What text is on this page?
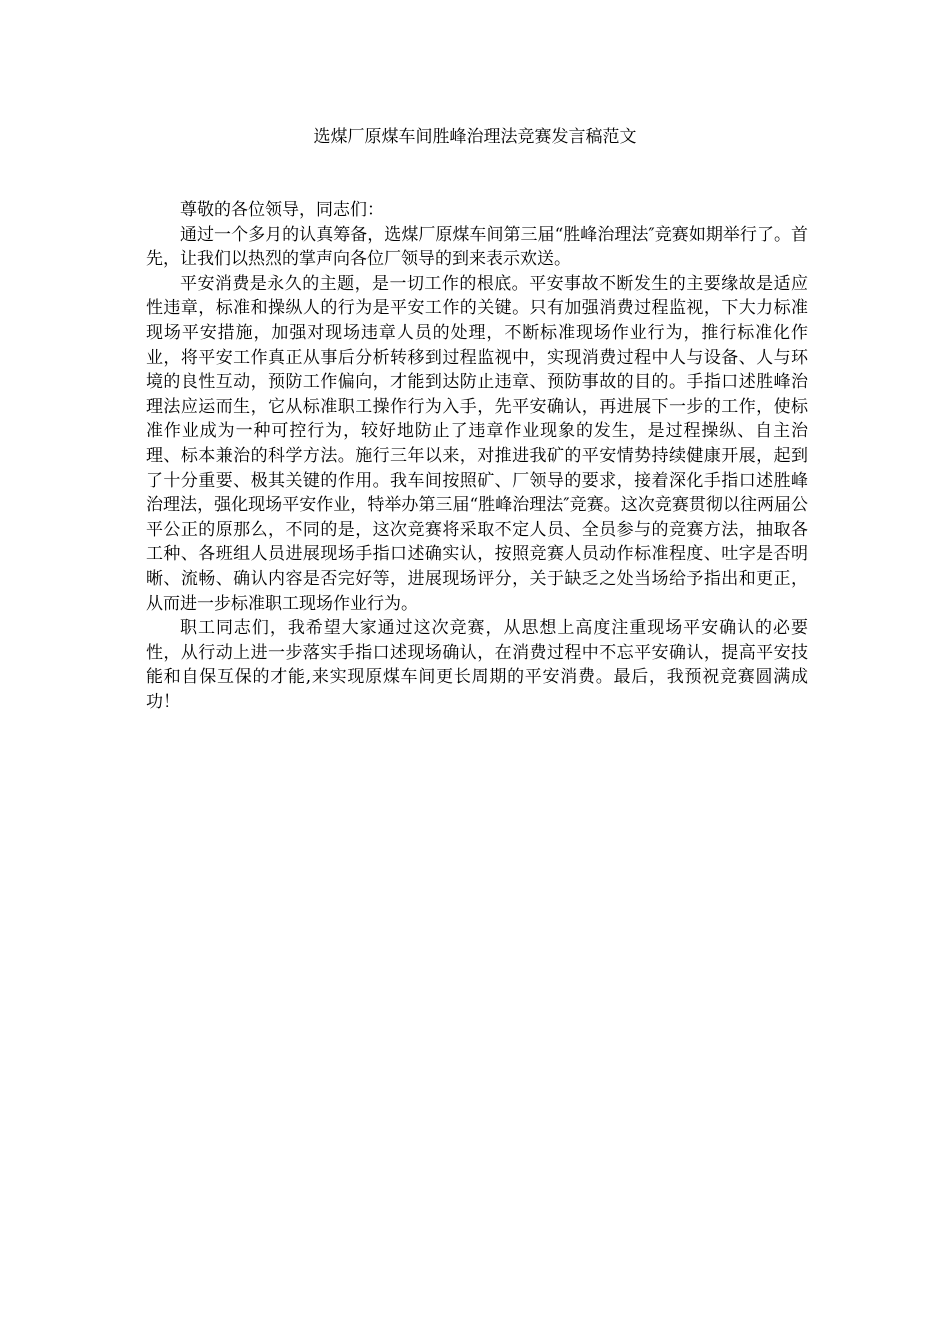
选煤厂原煤车间胜峰治理法竞赛发言稿范文

尊敬的各位领导，同志们：

通过一个多月的认真筹备，选煤厂原煤车间第三届“胜峰治理法″竞赛如期举行了。首先，让我们以热烈的掌声向各位厂领导的到来表示欢送。

平安消费是永久的主题，是一切工作的根底。平安事故不断发生的主要缘故是适应性违章，标准和操纵人的行为是平安工作的关键。只有加强消费过程监视，下大力标准现场平安措施，加强对现场违章人员的处理，不断标准现场作业行为，推行标准化作业，将平安工作真正从事后分析转移到过程监视中，实现消费过程中人与设备、人与环境的良性互动，预防工作偏向，才能到达防止违章、预防事故的目的。手指口述胜峰治理法应运而生，它从标准职工操作行为入手，先平安确认，再进展下一步的工作，使标准作业成为一种可控行为，较好地防止了违章作业现象的发生，是过程操纵、自主治理、标本兼治的科学方法。施行三年以来，对推进我矿的平安情势持续健康开展，起到了十分重要、极其关键的作用。我车间按照矿、厂领导的要求，接着深化手指口述胜峰治理法，强化现场平安作业，特举办第三届“胜峰治理法″竞赛。这次竞赛贯彻以往两届公平公正的原那么，不同的是，这次竞赛将采取不定人员、全员参与的竞赛方法，抽取各工种、各班组人员进展现场手指口述确实认，按照竞赛人员动作标准程度、吐字是否明晰、流畅、确认内容是否完好等，进展现场评分，关于缺乏之处当场给予指出和更正，从而进一步标准职工现场作业行为。

职工同志们，我希望大家通过这次竞赛，从思想上高度注重现场平安确认的必要性，从行动上进一步落实手指口述现场确认，在消费过程中不忘平安确认，提高平安技能和自保互保的才能,来实现原煤车间更长周期的平安消费。最后，我预祝竞赛圆满成功！
